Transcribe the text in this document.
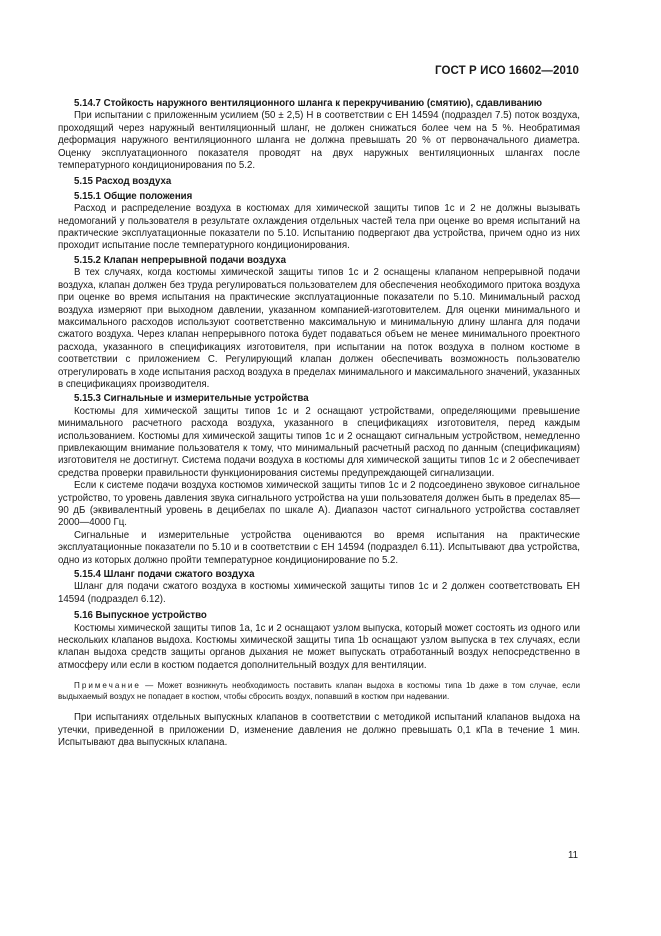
ГОСТ Р ИСО 16602—2010

5.14.7 Стойкость наружного вентиляционного шланга к перекручиванию (смятию), сдавливанию

При испытании с приложенным усилием (50 ± 2,5) Н в соответствии с ЕН 14594 (подраздел 7.5) поток воздуха, проходящий через наружный вентиляционный шланг, не должен снижаться более чем на 5 %. Необратимая деформация наружного вентиляционного шланга не должна превышать 20 % от первоначального диаметра. Оценку эксплуатационного показателя проводят на двух наружных вентиляционных шлангах после температурного кондиционирования по 5.2.

5.15 Расход воздуха

5.15.1 Общие положения

Расход и распределение воздуха в костюмах для химической защиты типов 1с и 2 не должны вызывать недомоганий у пользователя в результате охлаждения отдельных частей тела при оценке во время испытаний на практические эксплуатационные показатели по 5.10. Испытанию подвергают два устройства, причем одно из них проходит испытание после температурного кондиционирования.

5.15.2 Клапан непрерывной подачи воздуха

В тех случаях, когда костюмы химической защиты типов 1с и 2 оснащены клапаном непрерывной подачи воздуха, клапан должен без труда регулироваться пользователем для обеспечения необходимого притока воздуха при оценке во время испытания на практические эксплуатационные показатели по 5.10. Минимальный расход воздуха измеряют при выходном давлении, указанном компанией-изготовителем. Для оценки минимального и максимального расходов используют соответственно максимальную и минимальную длину шланга для подачи сжатого воздуха. Через клапан непрерывного потока будет подаваться объем не менее минимального проектного расхода, указанного в спецификациях изготовителя, при испытании на поток воздуха в полном костюме в соответствии с приложением С. Регулирующий клапан должен обеспечивать возможность пользователю отрегулировать в ходе испытания расход воздуха в пределах минимального и максимального значений, указанных в спецификациях производителя.

5.15.3 Сигнальные и измерительные устройства

Костюмы для химической защиты типов 1с и 2 оснащают устройствами, определяющими превышение минимального расчетного расхода воздуха, указанного в спецификациях изготовителя, перед каждым использованием. Костюмы для химической защиты типов 1с и 2 оснащают сигнальным устройством, немедленно привлекающим внимание пользователя к тому, что минимальный расчетный расход по данным (спецификациям) изготовителя не достигнут. Система подачи воздуха в костюмы для химической защиты типов 1с и 2 обеспечивает средства проверки правильности функционирования системы предупреждающей сигнализации.

Если к системе подачи воздуха костюмов химической защиты типов 1с и 2 подсоединено звуковое сигнальное устройство, то уровень давления звука сигнального устройства на уши пользователя должен быть в пределах 85—90 дБ (эквивалентный уровень в децибелах по шкале А). Диапазон частот сигнального устройства составляет 2000—4000 Гц.

Сигнальные и измерительные устройства оцениваются во время испытания на практические эксплуатационные показатели по 5.10 и в соответствии с ЕН 14594 (подраздел 6.11). Испытывают два устройства, одно из которых должно пройти температурное кондиционирование по 5.2.

5.15.4 Шланг подачи сжатого воздуха

Шланг для подачи сжатого воздуха в костюмы химической защиты типов 1с и 2 должен соответствовать ЕН 14594 (подраздел 6.12).

5.16 Выпускное устройство

Костюмы химической защиты типов 1а, 1с и 2 оснащают узлом выпуска, который может состоять из одного или нескольких клапанов выдоха. Костюмы химической защиты типа 1b оснащают узлом выпуска в тех случаях, если клапан выдоха средств защиты органов дыхания не может выпускать отработанный воздух непосредственно в атмосферу или если в костюм подается дополнительный воздух для вентиляции.

Примечание — Может возникнуть необходимость поставить клапан выдоха в костюмы типа 1b даже в том случае, если выдыхаемый воздух не попадает в костюм, чтобы сбросить воздух, попавший в костюм при надевании.

При испытаниях отдельных выпускных клапанов в соответствии с методикой испытаний клапанов выдоха на утечки, приведенной в приложении D, изменение давления не должно превышать 0,1 кПа в течение 1 мин. Испытывают два выпускных клапана.

11
